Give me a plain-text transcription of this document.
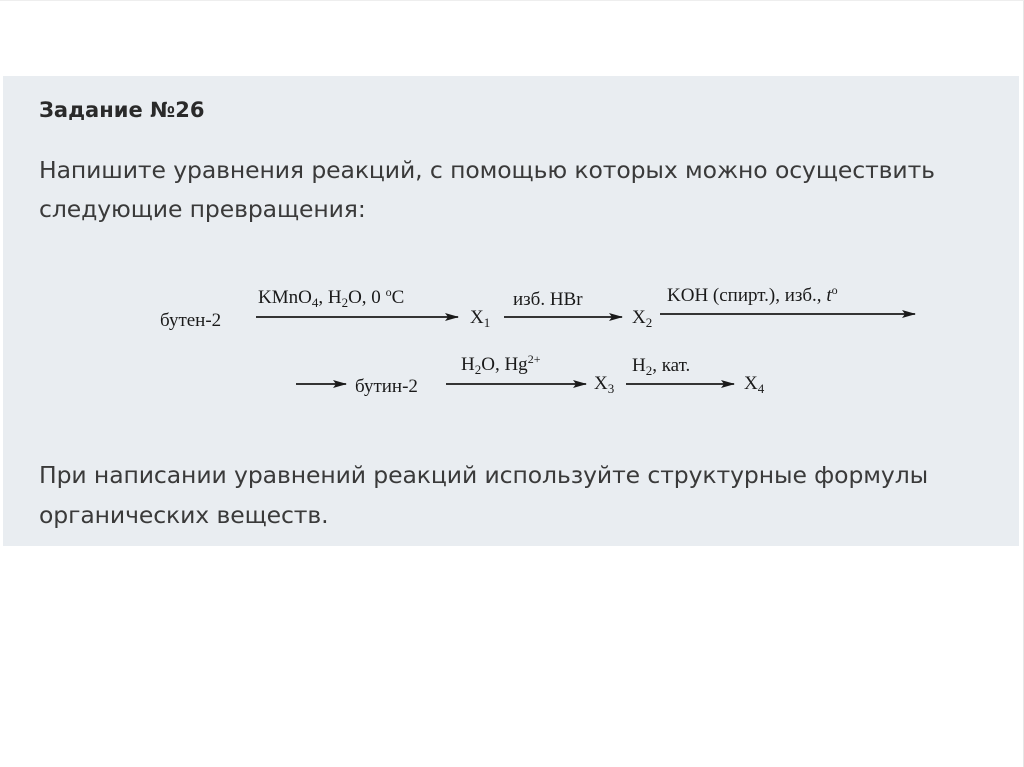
Задание №26
Напишите уравнения реакций, с помощью которых можно осуществить
следующие превращения:
бутен-2
KMnO$_4$, $H_2O$, 0 $^o$C
$X_1$
изб. HBr
$X_2$
KOH (спирт.), изб., $t^o$
бутин-2
$H_2O$, $Hg^{2+}$
$X_3$
$H_2$, кат.
$X_4$
При написании уравнений реакций используйте структурные формулы
органических веществ.
